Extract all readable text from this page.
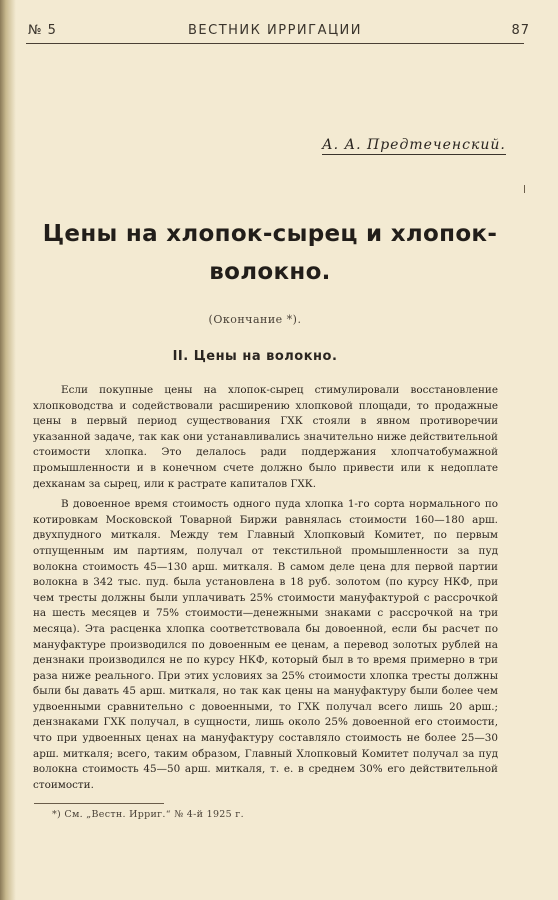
№ 5	ВЕСТНИК ИРРИГАЦИИ	87
А. А. Предтеченский.
Цены на хлопок-сырец и хлопок-
волокно.
(Окончание *).
II. Цены на волокно.

Если покупные цены на хлопок-сырец стимулировали восстановление хлопководства и содействовали расширению хлопковой площади, то продажные цены в первый период существования ГХК стояли в явном противоречии указанной задаче, так как они устанавливались значительно ниже действительной стоимости хлопка. Это делалось ради поддержания хлопчатобумажной промышленности и в конечном счете должно было привести или к недоплате дехканам за сырец, или к растрате капиталов ГХК.

В довоенное время стоимость одного пуда хлопка 1-го сорта нормального по котировкам Московской Товарной Биржи равнялась стоимости 160—180 арш. двухпудного миткаля. Между тем Главный Хлопковый Комитет, по первым отпущенным им партиям, получал от текстильной промышленности за пуд волокна стоимость 45—130 арш. миткаля. В самом деле цена для первой партии волокна в 342 тыс. пуд. была установлена в 18 руб. золотом (по курсу НКФ, при чем тресты должны были уплачивать 25% стоимости мануфактурой с рассрочкой на шесть месяцев и 75% стоимости—денежными знаками с рассрочкой на три месяца). Эта расценка хлопка соответствовала бы довоенной, если бы расчет по мануфактуре производился по довоенным ее ценам, а перевод золотых рублей на дензнаки производился не по курсу НКФ, который был в то время примерно в три раза ниже реального. При этих условиях за 25% стоимости хлопка тресты должны были бы давать 45 арш. миткаля, но так как цены на мануфактуру были более чем удвоенными сравнительно с довоенными, то ГХК получал всего лишь 20 арш.; дензнаками ГХК получал, в сущности, лишь около 25% довоенной его стоимости, что при удвоенных ценах на мануфактуру составляло стоимость не более 25—30 арш. миткаля; всего, таким образом, Главный Хлопковый Комитет получал за пуд волокна стоимость 45—50 арш. миткаля, т. е. в среднем 30% его действительной стоимости.

*) См. „Вестн. Ирриг.“ № 4-й 1925 г.
